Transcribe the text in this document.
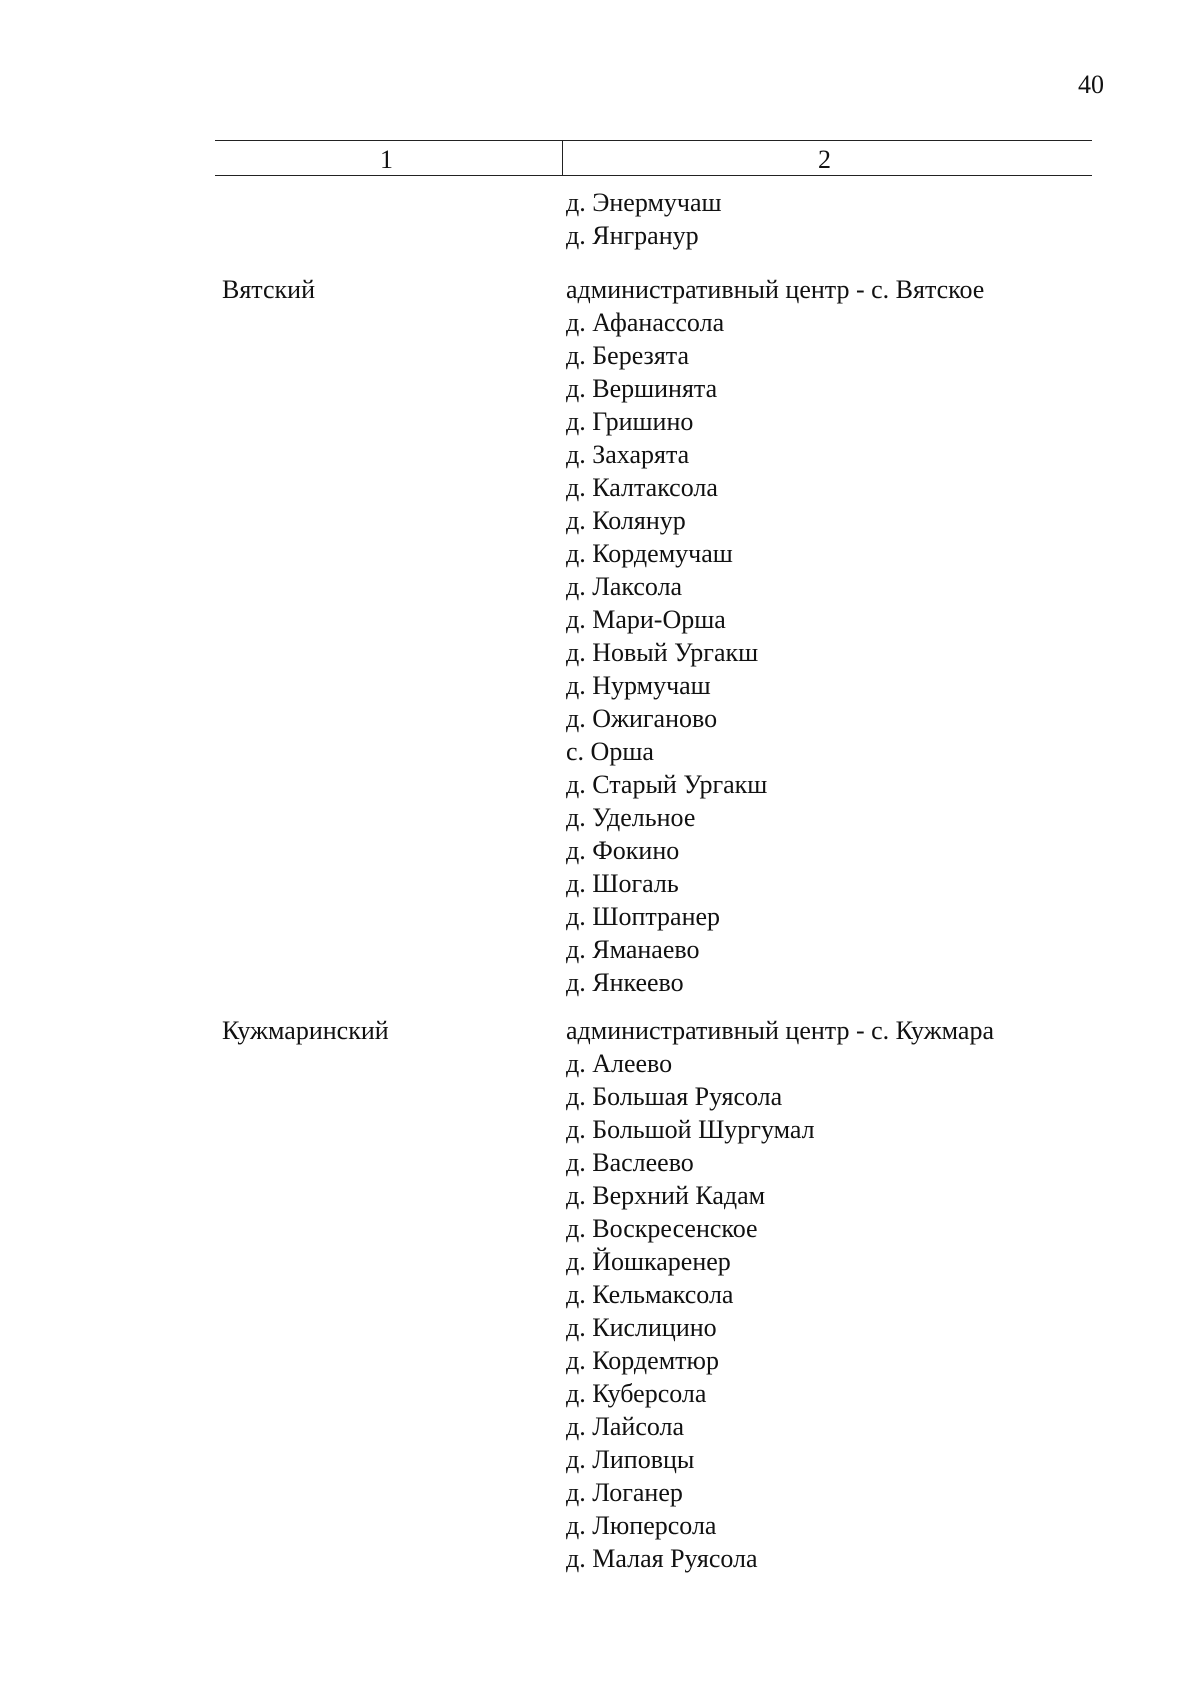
40
1	2
д. Энермучаш
д. Янгранур
Вятский	административный центр - с. Вятское
д. Афанассола
д. Березята
д. Вершинята
д. Гришино
д. Захарята
д. Калтаксола
д. Колянур
д. Кордемучаш
д. Лаксола
д. Мари-Орша
д. Новый Ургакш
д. Нурмучаш
д. Ожиганово
с. Орша
д. Старый Ургакш
д. Удельное
д. Фокино
д. Шогаль
д. Шоптранер
д. Яманаево
д. Янкеево
Кужмаринский	административный центр - с. Кужмара
д. Алеево
д. Большая Руясола
д. Большой Шургумал
д. Васлеево
д. Верхний Кадам
д. Воскресенское
д. Йошкаренер
д. Кельмаксола
д. Кислицино
д. Кордемтюр
д. Куберсола
д. Лайсола
д. Липовцы
д. Логанер
д. Люперсола
д. Малая Руясола
